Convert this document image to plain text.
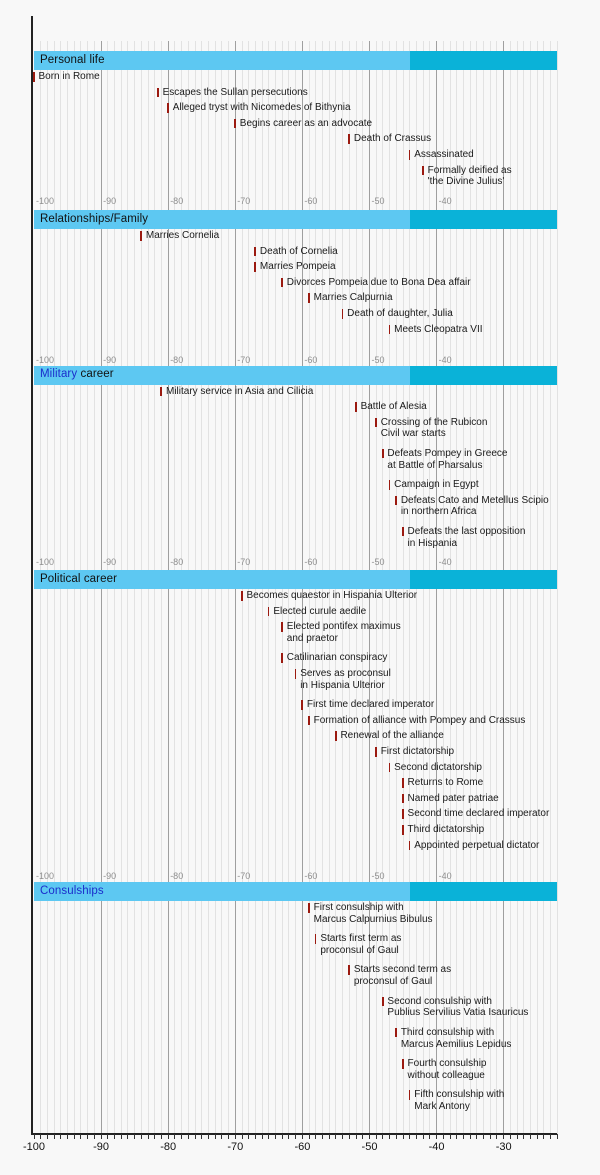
Personal life
Born in Rome
Escapes the Sullan persecutions
Alleged tryst with Nicomedes of Bithynia
Begins career as an advocate
Death of Crassus
Assassinated
Formally deified as
'the Divine Julius'
-100	-90	-80	-70	-60	-50	-40
Relationships/Family
Marries Cornelia
Death of Cornelia
Marries Pompeia
Divorces Pompeia due to Bona Dea affair
Marries Calpurnia
Death of daughter, Julia
Meets Cleopatra VII
-100	-90	-80	-70	-60	-50	-40
Military career
Military service in Asia and Cilicia
Battle of Alesia
Crossing of the Rubicon
Civil war starts
Defeats Pompey in Greece
at Battle of Pharsalus
Campaign in Egypt
Defeats Cato and Metellus Scipio
in northern Africa
Defeats the last opposition
in Hispania
-100	-90	-80	-70	-60	-50	-40
Political career
Becomes quaestor in Hispania Ulterior
Elected curule aedile
Elected pontifex maximus
and praetor
Catilinarian conspiracy
Serves as proconsul
in Hispania Ulterior
First time declared imperator
Formation of alliance with Pompey and Crassus
Renewal of the alliance
First dictatorship
Second dictatorship
Returns to Rome
Named pater patriae
Second time declared imperator
Third dictatorship
Appointed perpetual dictator
-100	-90	-80	-70	-60	-50	-40
Consulships
First consulship with
Marcus Calpurnius Bibulus
Starts first term as
proconsul of Gaul
Starts second term as
proconsul of Gaul
Second consulship with
Publius Servilius Vatia Isauricus
Third consulship with
Marcus Aemilius Lepidus
Fourth consulship
without colleague
Fifth consulship with
Mark Antony
-100	-90	-80	-70	-60	-50	-40	-30
